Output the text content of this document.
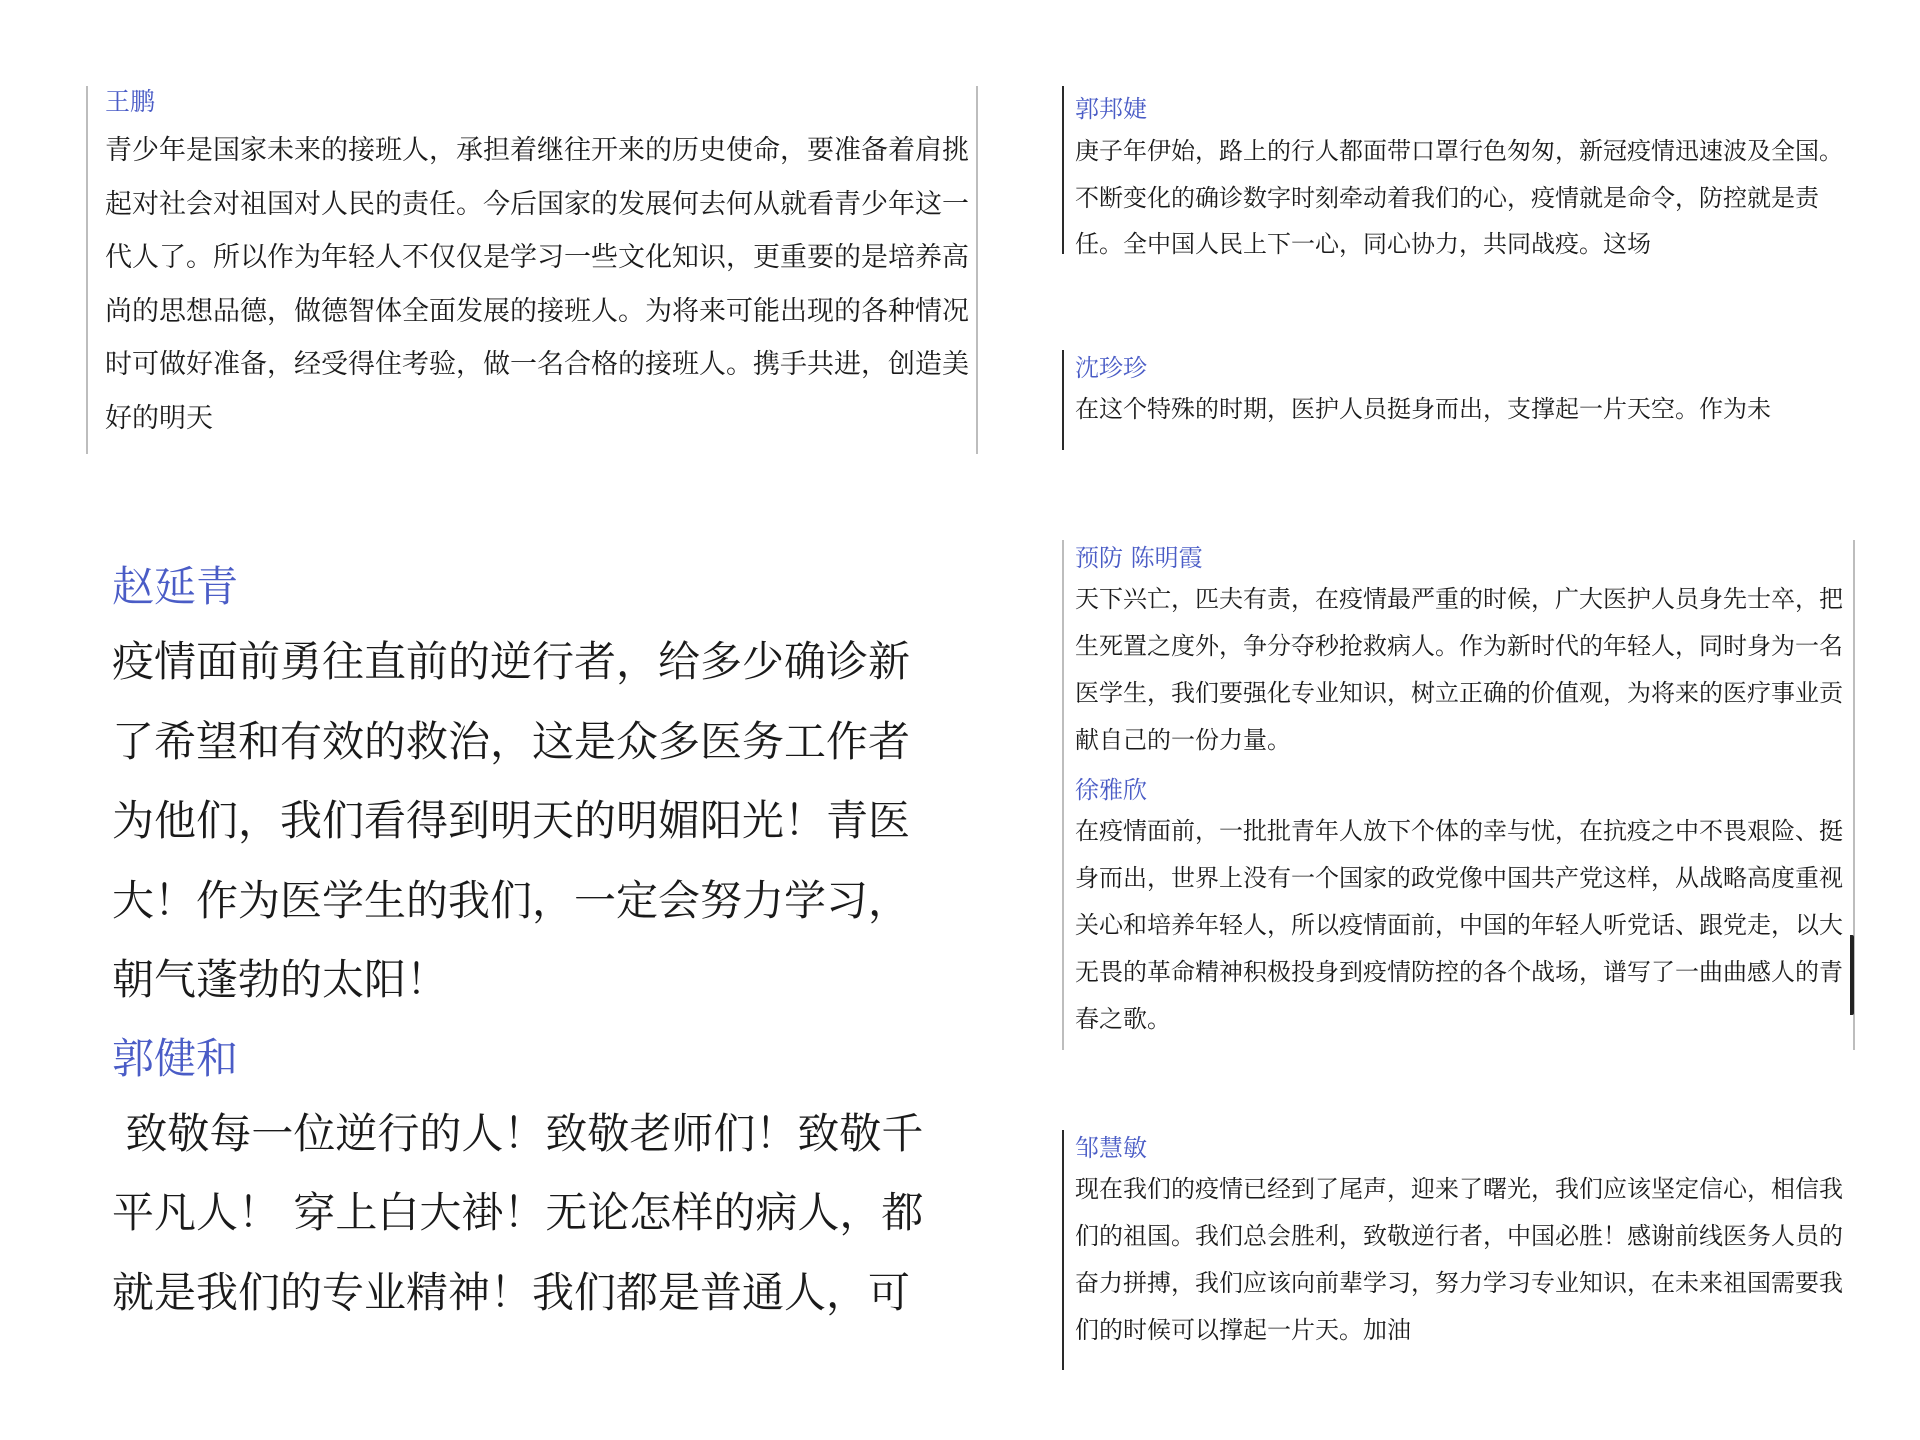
王鹏

青少年是国家未来的接班人，承担着继往开来的历史使命，要准备着肩挑起对社会对祖国对人民的责任。今后国家的发展何去何从就看青少年这一代人了。所以作为年轻人不仅仅是学习一些文化知识，更重要的是培养高尚的思想品德，做德智体全面发展的接班人。为将来可能出现的各种情况时可做好准备，经受得住考验，做一名合格的接班人。携手共进，创造美好的明天

郭邦婕

庚子年伊始，路上的行人都面带口罩行色匆匆，新冠疫情迅速波及全国。不断变化的确诊数字时刻牵动着我们的心，疫情就是命令，防控就是责任。全中国人民上下一心，同心协力，共同战疫。这场

沈珍珍

在这个特殊的时期，医护人员挺身而出，支撑起一片天空。作为未

赵延青

疫情面前勇往直前的逆行者，给多少确诊新

了希望和有效的救治，这是众多医务工作者

为他们，我们看得到明天的明媚阳光！青医

大！作为医学生的我们，一定会努力学习，

朝气蓬勃的太阳！

郭健和

致敬每一位逆行的人！致敬老师们！致敬千

平凡人！ 穿上白大褂！无论怎样的病人，都

就是我们的专业精神！我们都是普通人，可

预防 陈明霞

天下兴亡，匹夫有责，在疫情最严重的时候，广大医护人员身先士卒，把生死置之度外，争分夺秒抢救病人。作为新时代的年轻人，同时身为一名医学生，我们要强化专业知识，树立正确的价值观，为将来的医疗事业贡献自己的一份力量。

徐雅欣

在疫情面前，一批批青年人放下个体的幸与忧，在抗疫之中不畏艰险、挺身而出，世界上没有一个国家的政党像中国共产党这样，从战略高度重视关心和培养年轻人，所以疫情面前，中国的年轻人听党话、跟党走，以大无畏的革命精神积极投身到疫情防控的各个战场，谱写了一曲曲感人的青春之歌。

邹慧敏

现在我们的疫情已经到了尾声，迎来了曙光，我们应该坚定信心，相信我们的祖国。我们总会胜利，致敬逆行者，中国必胜！感谢前线医务人员的奋力拼搏，我们应该向前辈学习，努力学习专业知识，在未来祖国需要我们的时候可以撑起一片天。加油
